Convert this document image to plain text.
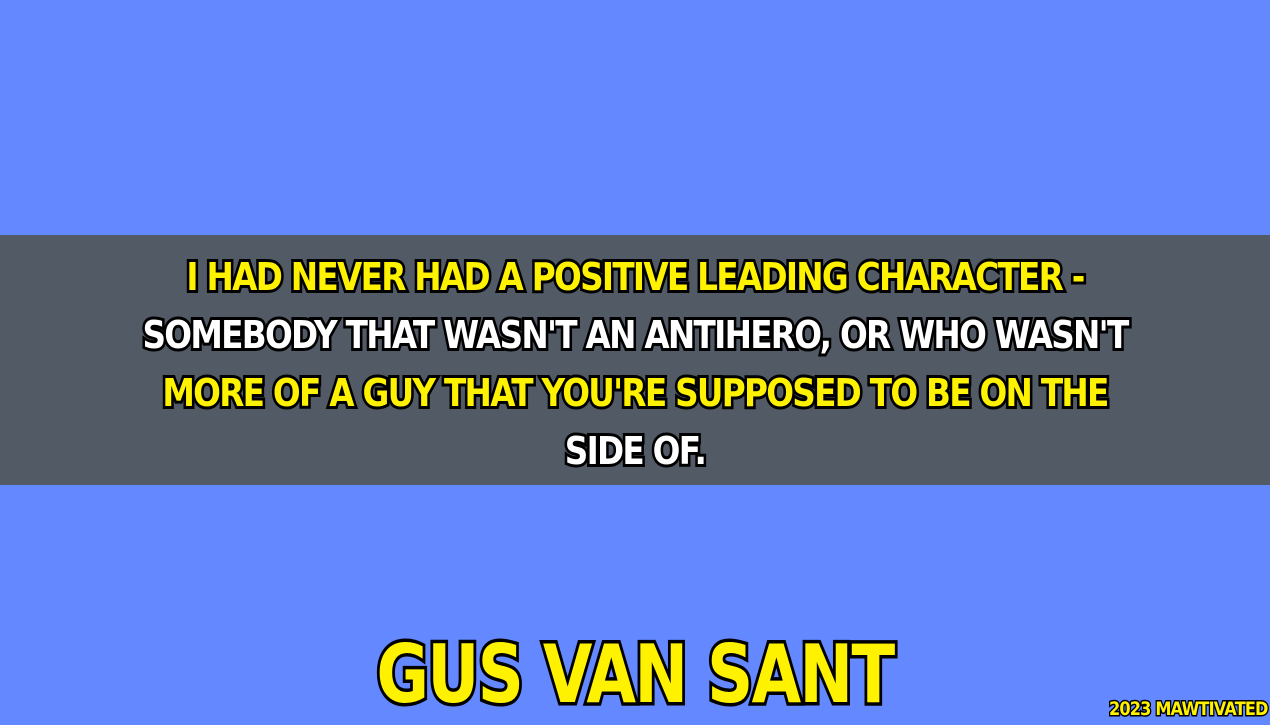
I HAD NEVER HAD A POSITIVE LEADING CHARACTER -
SOMEBODY THAT WASN'T AN ANTIHERO, OR WHO WASN'T
MORE OF A GUY THAT YOU'RE SUPPOSED TO BE ON THE
SIDE OF.
GUS VAN SANT	2023 MAWTIVATED
